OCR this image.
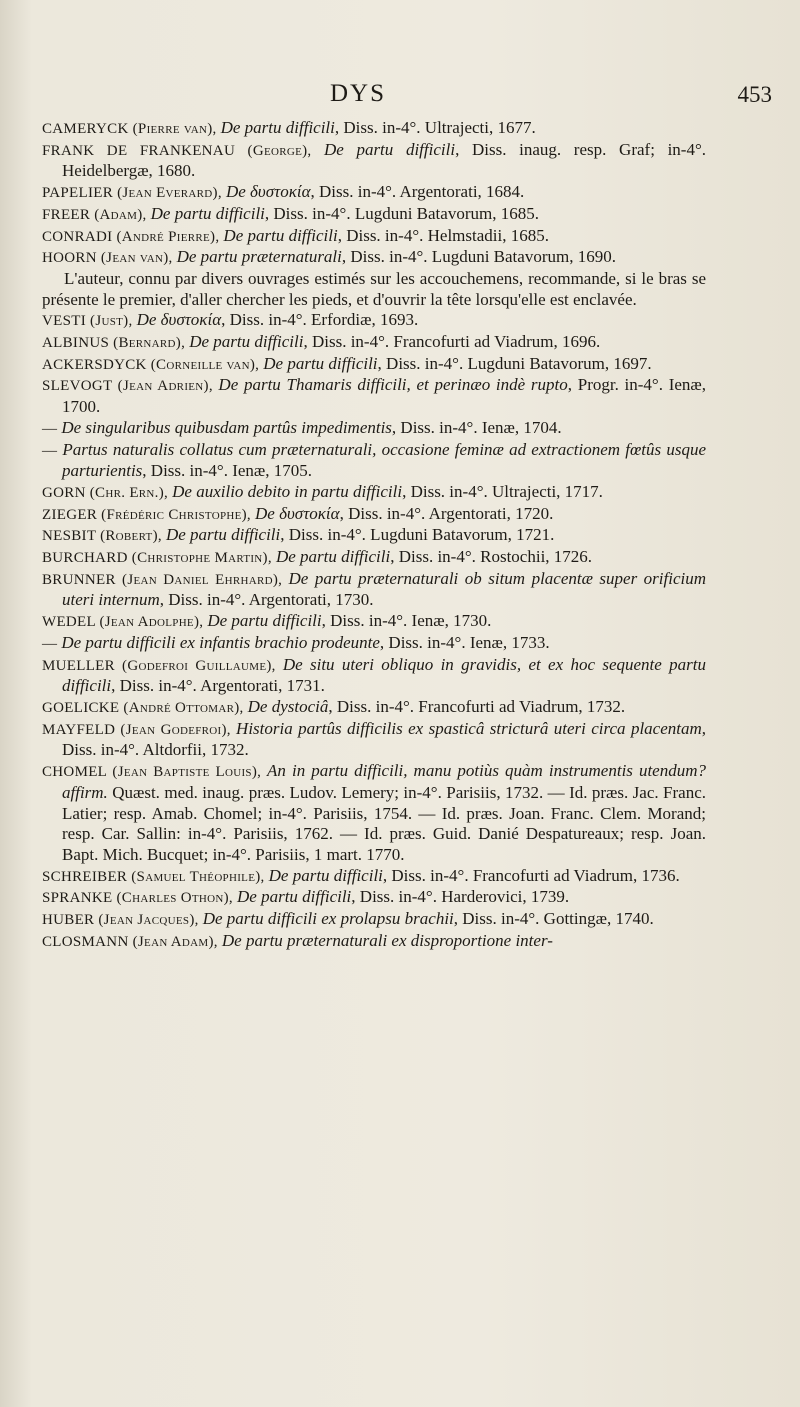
DYS	453

CAMERYCK (Pierre van), De partu difficili, Diss. in-4°. Ultrajecti, 1677.

FRANK DE FRANKENAU (George), De partu difficili, Diss. inaug. resp. Graf; in-4°. Heidelbergæ, 1680.

PAPELIER (Jean Everard), De δυστοκία, Diss. in-4°. Argentorati, 1684.

FREER (Adam), De partu difficili, Diss. in-4°. Lugduni Batavorum, 1685.

CONRADI (André Pierre), De partu difficili, Diss. in-4°. Helmstadii, 1685.

HOORN (Jean van), De partu præternaturali, Diss. in-4°. Lugduni Batavorum, 1690.

L'auteur, connu par divers ouvrages estimés sur les accouchemens, recommande, si le bras se présente le premier, d'aller chercher les pieds, et d'ouvrir la tête lorsqu'elle est enclavée.

VESTI (Just), De δυστοκία, Diss. in-4°. Erfordiæ, 1693.

ALBINUS (Bernard), De partu difficili, Diss. in-4°. Francofurti ad Viadrum, 1696.

ACKERSDYCK (Corneille van), De partu difficili, Diss. in-4°. Lugduni Batavorum, 1697.

SLEVOGT (Jean Adrien), De partu Thamaris difficili, et perinæo indè rupto, Progr. in-4°. Ienæ, 1700.

— De singularibus quibusdam partûs impedimentis, Diss. in-4°. Ienæ, 1704.

— Partus naturalis collatus cum præternaturali, occasione feminæ ad extractionem fœtûs usque parturientis, Diss. in-4°. Ienæ, 1705.

GORN (Chr. Ern.), De auxilio debito in partu difficili, Diss. in-4°. Ultrajecti, 1717.

ZIEGER (Frédéric Christophe), De δυστοκία, Diss. in-4°. Argentorati, 1720.

NESBIT (Robert), De partu difficili, Diss. in-4°. Lugduni Batavorum, 1721.

BURCHARD (Christophe Martin), De partu difficili, Diss. in-4°. Rostochii, 1726.

BRUNNER (Jean Daniel Ehrhard), De partu præternaturali ob situm placentæ super orificium uteri internum, Diss. in-4°. Argentorati, 1730.

WEDEL (Jean Adolphe), De partu difficili, Diss. in-4°. Ienæ, 1730.

— De partu difficili ex infantis brachio prodeunte, Diss. in-4°. Ienæ, 1733.

MUELLER (Godefroi Guillaume), De situ uteri obliquo in gravidis, et ex hoc sequente partu difficili, Diss. in-4°. Argentorati, 1731.

GOELICKE (André Ottomar), De dystociâ, Diss. in-4°. Francofurti ad Viadrum, 1732.

MAYFELD (Jean Godefroi), Historia partûs difficilis ex spasticâ stricturâ uteri circa placentam, Diss. in-4°. Altdorfii, 1732.

CHOMEL (Jean Baptiste Louis), An in partu difficili, manu potiùs quàm instrumentis utendum? affirm. Quæst. med. inaug. præs. Ludov. Lemery; in-4°. Parisiis, 1732. — Id. præs. Jac. Franc. Latier; resp. Amab. Chomel; in-4°. Parisiis, 1754. — Id. præs. Joan. Franc. Clem. Morand; resp. Car. Sallin: in-4°. Parisiis, 1762. — Id. præs. Guid. Danié Despatureaux; resp. Joan. Bapt. Mich. Bucquet; in-4°. Parisiis, 1 mart. 1770.

SCHREIBER (Samuel Théophile), De partu difficili, Diss. in-4°. Francofurti ad Viadrum, 1736.

SPRANKE (Charles Othon), De partu difficili, Diss. in-4°. Harderovici, 1739.

HUBER (Jean Jacques), De partu difficili ex prolapsu brachii, Diss. in-4°. Gottingæ, 1740.

CLOSMANN (Jean Adam), De partu præternaturali ex disproportione inter-
